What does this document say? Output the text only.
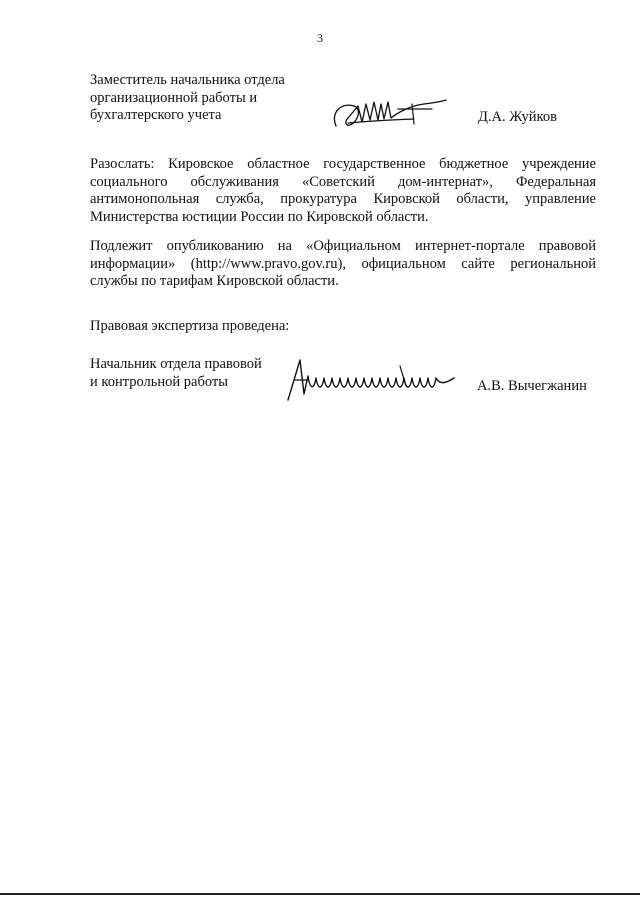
3
Заместитель начальника отдела
организационной работы и
бухгалтерского учета	Д.А. Жуйков
Разослать: Кировское областное государственное бюджетное учреждение
социального обслуживания «Советский дом-интернат», Федеральная
антимонопольная служба, прокуратура Кировской области, управление
Министерства юстиции России по Кировской области.
Подлежит опубликованию на «Официальном интернет-портале правовой
информации» (http://www.pravo.gov.ru), официальном сайте региональной
службы по тарифам Кировской области.
Правовая экспертиза проведена:
Начальник отдела правовой
и контрольной работы	А.В. Вычегжанин
